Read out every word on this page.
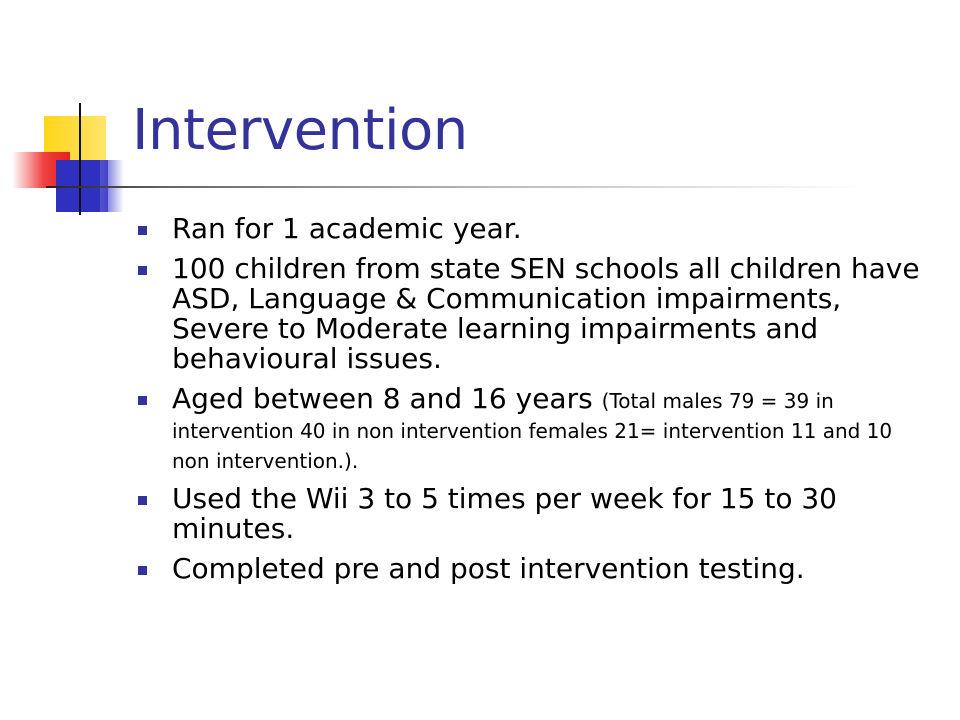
Intervention
Ran for 1 academic year.
100 children from state SEN schools all children have ASD, Language & Communication impairments, Severe to Moderate learning impairments and behavioural issues.
Aged between 8 and 16 years (Total males 79 = 39 in intervention 40 in non intervention females 21= intervention 11 and 10 non intervention.).
Used the Wii 3 to 5 times per week for 15 to 30 minutes.
Completed pre and post intervention testing.
